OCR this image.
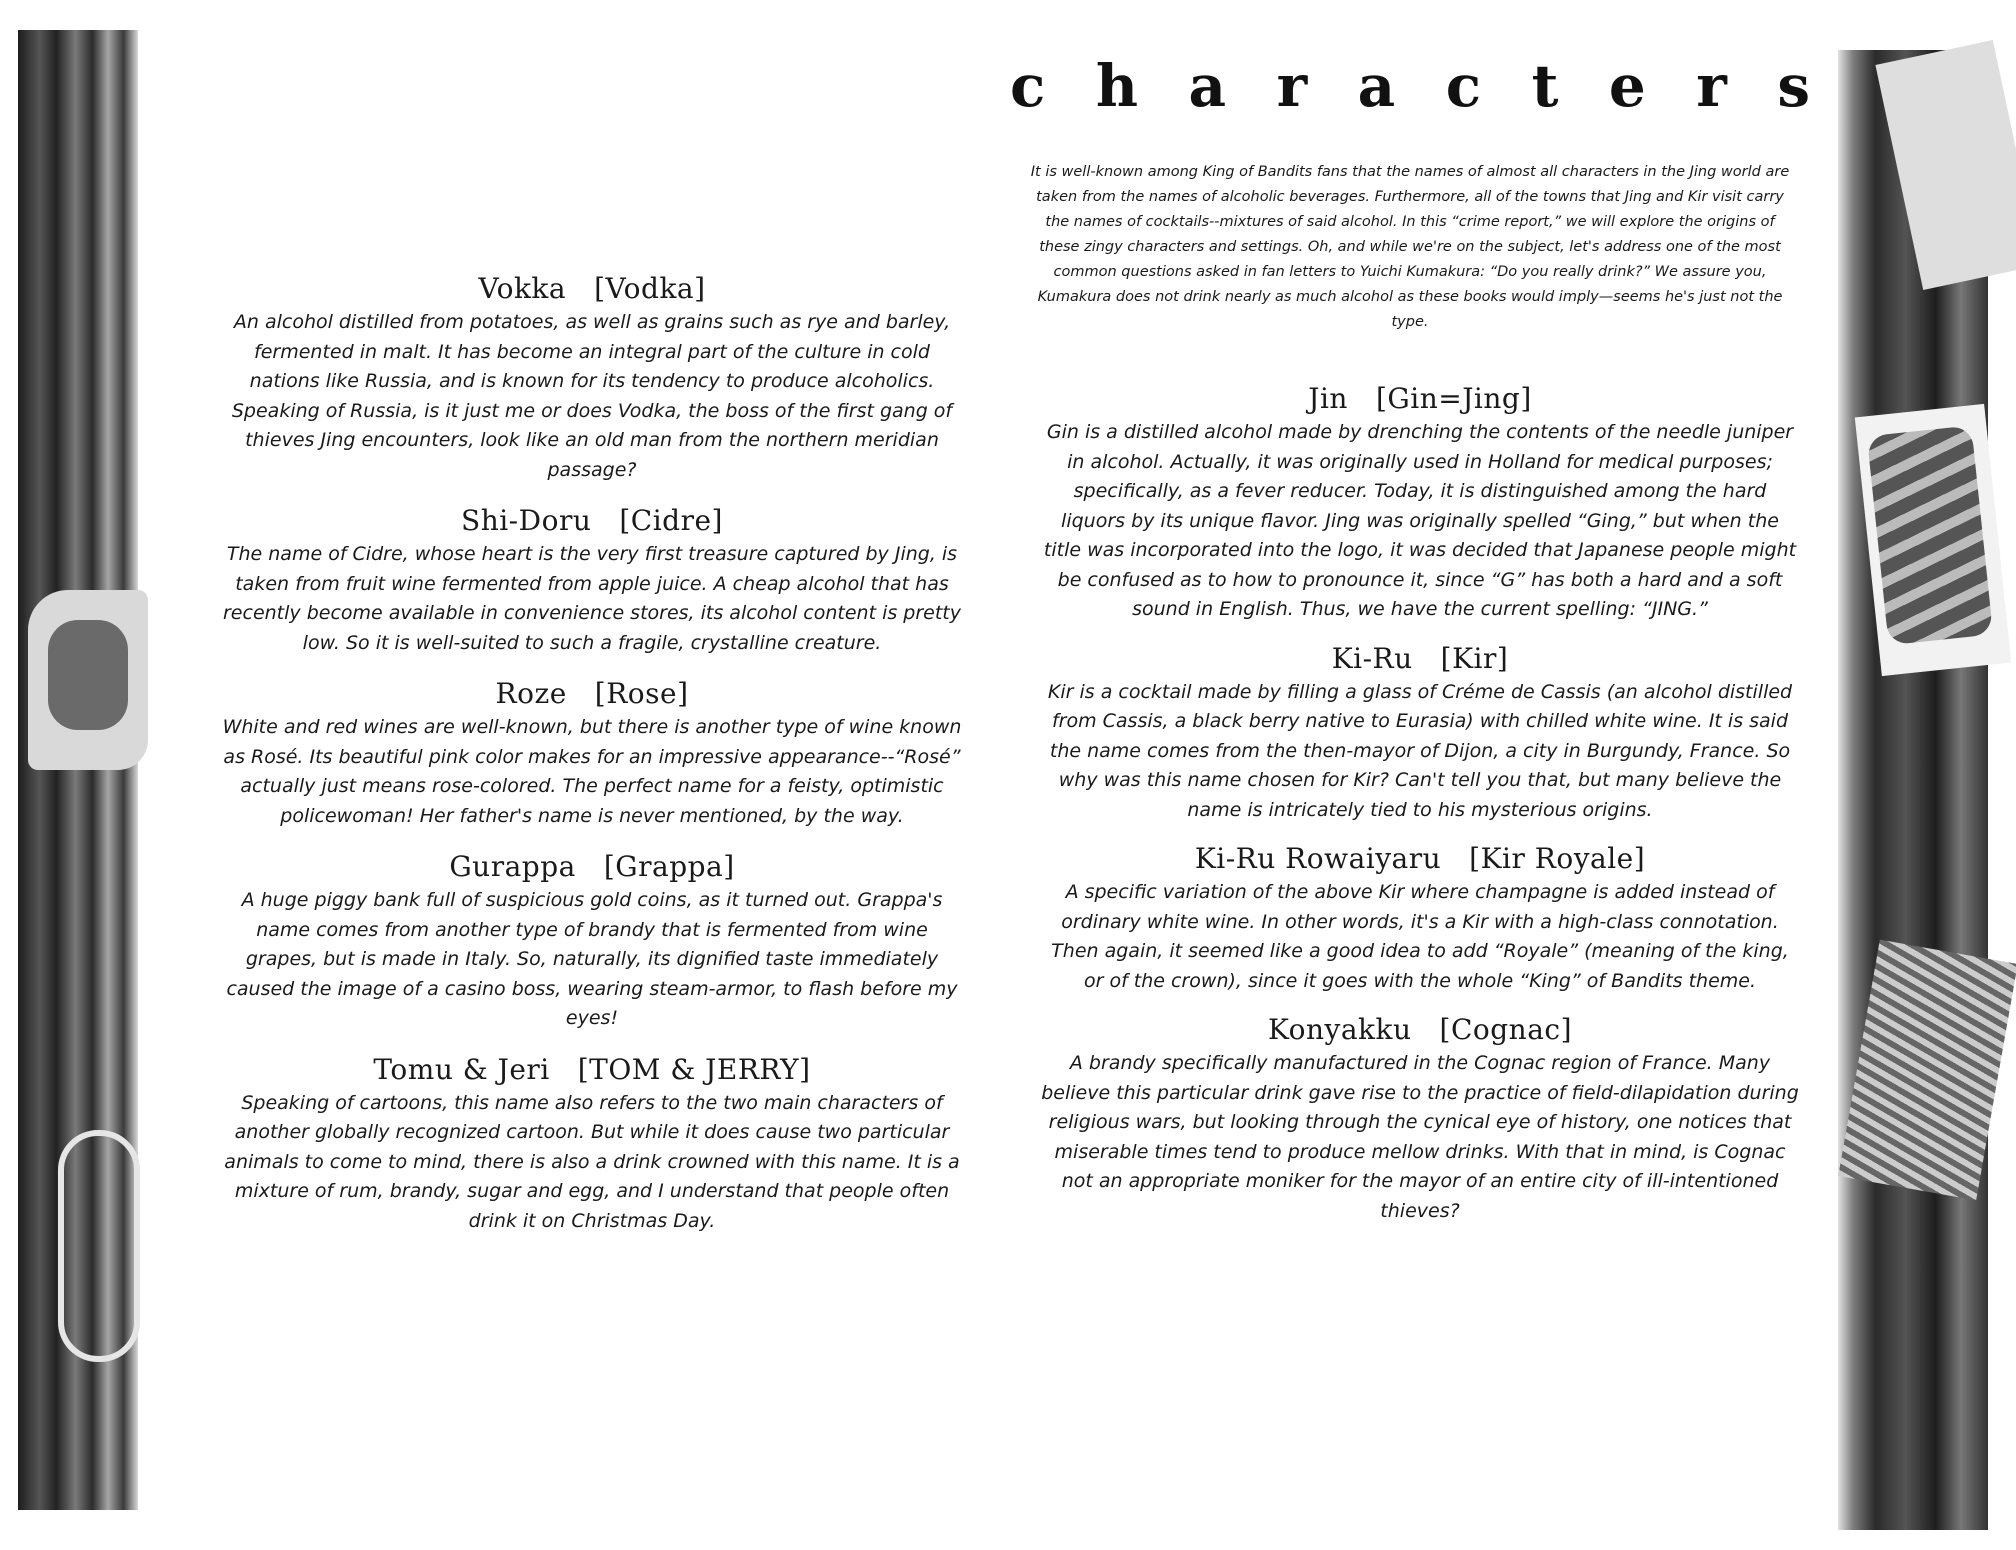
c h a r a c t e r s

It is well-known among King of Bandits fans that the names of almost all characters in the Jing world are taken from the names of alcoholic beverages. Furthermore, all of the towns that Jing and Kir visit carry the names of cocktails--mixtures of said alcohol. In this “crime report,” we will explore the origins of these zingy characters and settings. Oh, and while we're on the subject, let's address one of the most common questions asked in fan letters to Yuichi Kumakura: “Do you really drink?” We assure you, Kumakura does not drink nearly as much alcohol as these books would imply—seems he's just not the type.

Vokka [Vodka]

An alcohol distilled from potatoes, as well as grains such as rye and barley, fermented in malt. It has become an integral part of the culture in cold nations like Russia, and is known for its tendency to produce alcoholics. Speaking of Russia, is it just me or does Vodka, the boss of the first gang of thieves Jing encounters, look like an old man from the northern meridian passage?

Shi-Doru [Cidre]

The name of Cidre, whose heart is the very first treasure captured by Jing, is taken from fruit wine fermented from apple juice. A cheap alcohol that has recently become available in convenience stores, its alcohol content is pretty low. So it is well-suited to such a fragile, crystalline creature.

Roze [Rose]

White and red wines are well-known, but there is another type of wine known as Rosé. Its beautiful pink color makes for an impressive appearance--“Rosé” actually just means rose-colored. The perfect name for a feisty, optimistic policewoman! Her father's name is never mentioned, by the way.

Gurappa [Grappa]

A huge piggy bank full of suspicious gold coins, as it turned out. Grappa's name comes from another type of brandy that is fermented from wine grapes, but is made in Italy. So, naturally, its dignified taste immediately caused the image of a casino boss, wearing steam-armor, to flash before my eyes!

Tomu & Jeri [TOM & JERRY]

Speaking of cartoons, this name also refers to the two main characters of another globally recognized cartoon. But while it does cause two particular animals to come to mind, there is also a drink crowned with this name. It is a mixture of rum, brandy, sugar and egg, and I understand that people often drink it on Christmas Day.

Jin [Gin=Jing]

Gin is a distilled alcohol made by drenching the contents of the needle juniper in alcohol. Actually, it was originally used in Holland for medical purposes; specifically, as a fever reducer. Today, it is distinguished among the hard liquors by its unique flavor. Jing was originally spelled “Ging,” but when the title was incorporated into the logo, it was decided that Japanese people might be confused as to how to pronounce it, since “G” has both a hard and a soft sound in English. Thus, we have the current spelling: “JING.”

Ki-Ru [Kir]

Kir is a cocktail made by filling a glass of Créme de Cassis (an alcohol distilled from Cassis, a black berry native to Eurasia) with chilled white wine. It is said the name comes from the then-mayor of Dijon, a city in Burgundy, France. So why was this name chosen for Kir? Can't tell you that, but many believe the name is intricately tied to his mysterious origins.

Ki-Ru Rowaiyaru [Kir Royale]

A specific variation of the above Kir where champagne is added instead of ordinary white wine. In other words, it's a Kir with a high-class connotation. Then again, it seemed like a good idea to add “Royale” (meaning of the king, or of the crown), since it goes with the whole “King” of Bandits theme.

Konyakku [Cognac]

A brandy specifically manufactured in the Cognac region of France. Many believe this particular drink gave rise to the practice of field-dilapidation during religious wars, but looking through the cynical eye of history, one notices that miserable times tend to produce mellow drinks. With that in mind, is Cognac not an appropriate moniker for the mayor of an entire city of ill-intentioned thieves?
